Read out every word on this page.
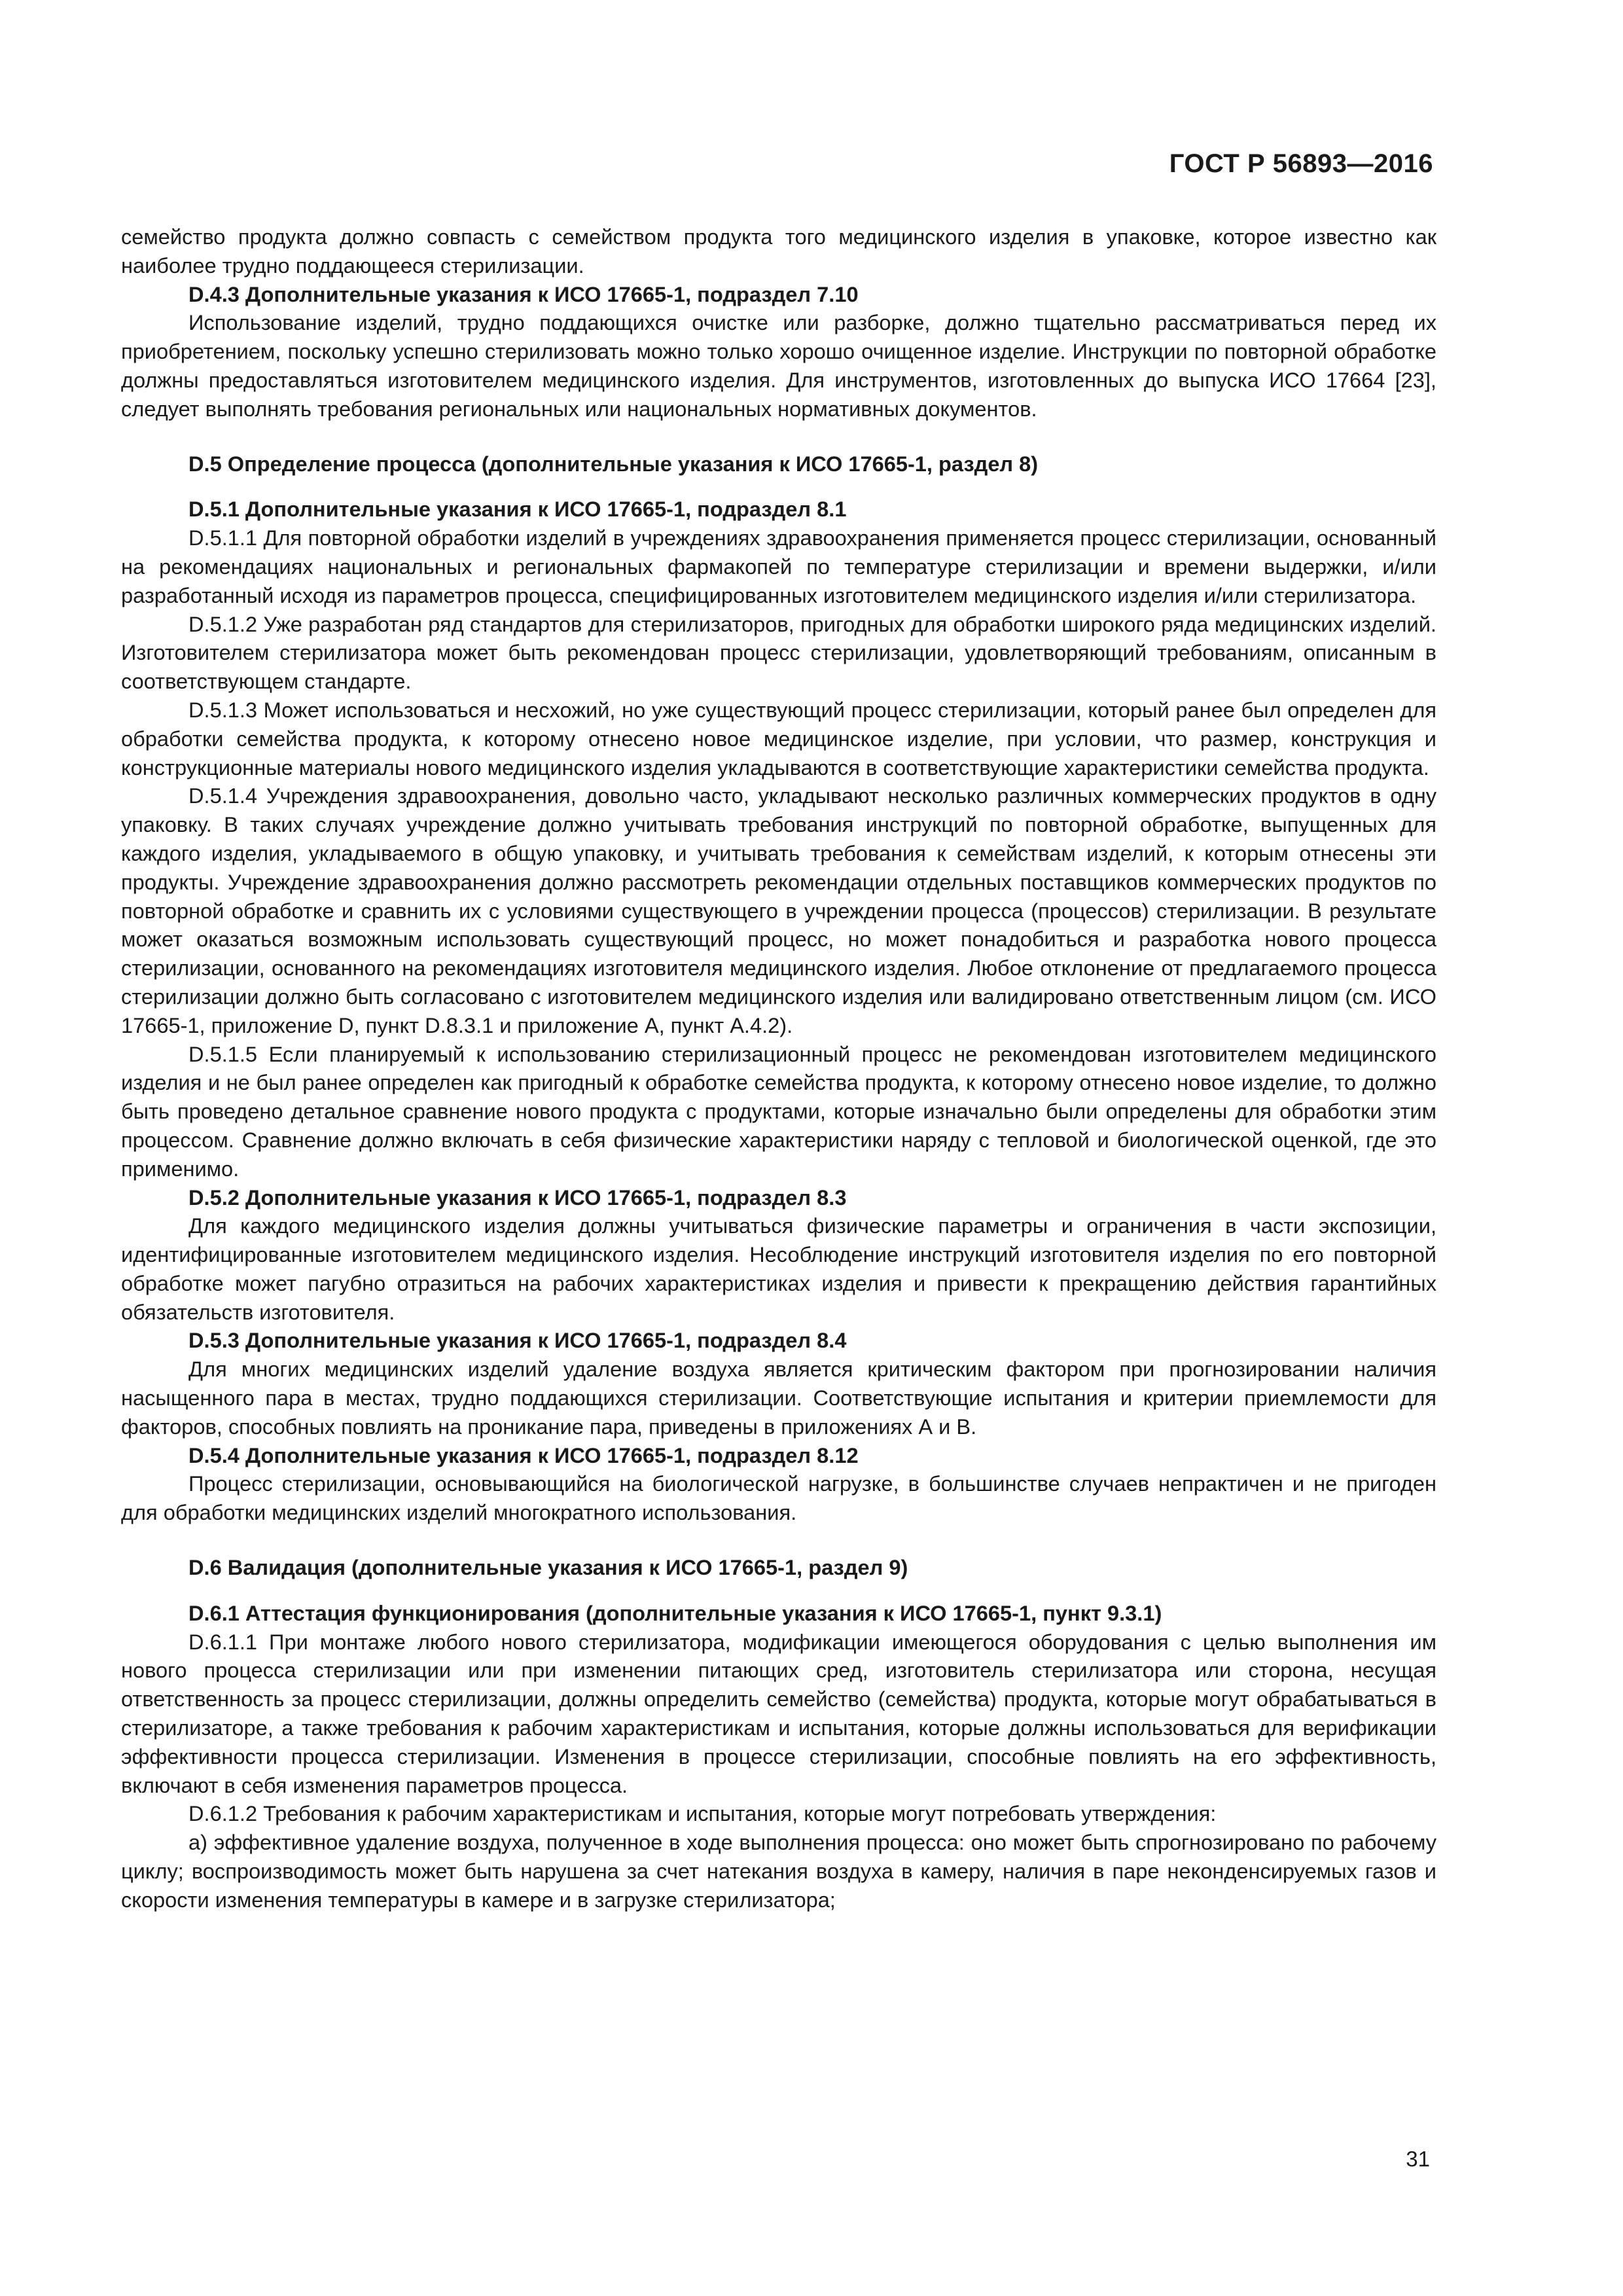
ГОСТ Р 56893—2016

семейство продукта должно совпасть с семейством продукта того медицинского изделия в упаковке, которое известно как наиболее трудно поддающееся стерилизации.

D.4.3 Дополнительные указания к ИСО 17665-1, подраздел 7.10

Использование изделий, трудно поддающихся очистке или разборке, должно тщательно рассматриваться перед их приобретением, поскольку успешно стерилизовать можно только хорошо очищенное изделие. Инструкции по повторной обработке должны предоставляться изготовителем медицинского изделия. Для инструментов, изготовленных до выпуска ИСО 17664 [23], следует выполнять требования региональных или национальных нормативных документов.

D.5 Определение процесса (дополнительные указания к ИСО 17665-1, раздел 8)
D.5.1 Дополнительные указания к ИСО 17665-1, подраздел 8.1

D.5.1.1 Для повторной обработки изделий в учреждениях здравоохранения применяется процесс стерилизации, основанный на рекомендациях национальных и региональных фармакопей по температуре стерилизации и времени выдержки, и/или разработанный исходя из параметров процесса, специфицированных изготовителем медицинского изделия и/или стерилизатора.

D.5.1.2 Уже разработан ряд стандартов для стерилизаторов, пригодных для обработки широкого ряда медицинских изделий. Изготовителем стерилизатора может быть рекомендован процесс стерилизации, удовлетворяющий требованиям, описанным в соответствующем стандарте.

D.5.1.3 Может использоваться и несхожий, но уже существующий процесс стерилизации, который ранее был определен для обработки семейства продукта, к которому отнесено новое медицинское изделие, при условии, что размер, конструкция и конструкционные материалы нового медицинского изделия укладываются в соответствующие характеристики семейства продукта.

D.5.1.4 Учреждения здравоохранения, довольно часто, укладывают несколько различных коммерческих продуктов в одну упаковку. В таких случаях учреждение должно учитывать требования инструкций по повторной обработке, выпущенных для каждого изделия, укладываемого в общую упаковку, и учитывать требования к семействам изделий, к которым отнесены эти продукты. Учреждение здравоохранения должно рассмотреть рекомендации отдельных поставщиков коммерческих продуктов по повторной обработке и сравнить их с условиями существующего в учреждении процесса (процессов) стерилизации. В результате может оказаться возможным использовать существующий процесс, но может понадобиться и разработка нового процесса стерилизации, основанного на рекомендациях изготовителя медицинского изделия. Любое отклонение от предлагаемого процесса стерилизации должно быть согласовано с изготовителем медицинского изделия или валидировано ответственным лицом (см. ИСО 17665-1, приложение D, пункт D.8.3.1 и приложение А, пункт А.4.2).

D.5.1.5 Если планируемый к использованию стерилизационный процесс не рекомендован изготовителем медицинского изделия и не был ранее определен как пригодный к обработке семейства продукта, к которому отнесено новое изделие, то должно быть проведено детальное сравнение нового продукта с продуктами, которые изначально были определены для обработки этим процессом. Сравнение должно включать в себя физические характеристики наряду с тепловой и биологической оценкой, где это применимо.

D.5.2 Дополнительные указания к ИСО 17665-1, подраздел 8.3

Для каждого медицинского изделия должны учитываться физические параметры и ограничения в части экспозиции, идентифицированные изготовителем медицинского изделия. Несоблюдение инструкций изготовителя изделия по его повторной обработке может пагубно отразиться на рабочих характеристиках изделия и привести к прекращению действия гарантийных обязательств изготовителя.

D.5.3 Дополнительные указания к ИСО 17665-1, подраздел 8.4

Для многих медицинских изделий удаление воздуха является критическим фактором при прогнозировании наличия насыщенного пара в местах, трудно поддающихся стерилизации. Соответствующие испытания и критерии приемлемости для факторов, способных повлиять на проникание пара, приведены в приложениях А и В.

D.5.4 Дополнительные указания к ИСО 17665-1, подраздел 8.12

Процесс стерилизации, основывающийся на биологической нагрузке, в большинстве случаев непрактичен и не пригоден для обработки медицинских изделий многократного использования.

D.6 Валидация (дополнительные указания к ИСО 17665-1, раздел 9)
D.6.1 Аттестация функционирования (дополнительные указания к ИСО 17665-1, пункт 9.3.1)

D.6.1.1 При монтаже любого нового стерилизатора, модификации имеющегося оборудования с целью выполнения им нового процесса стерилизации или при изменении питающих сред, изготовитель стерилизатора или сторона, несущая ответственность за процесс стерилизации, должны определить семейство (семейства) продукта, которые могут обрабатываться в стерилизаторе, а также требования к рабочим характеристикам и испытания, которые должны использоваться для верификации эффективности процесса стерилизации. Изменения в процессе стерилизации, способные повлиять на его эффективность, включают в себя изменения параметров процесса.

D.6.1.2 Требования к рабочим характеристикам и испытания, которые могут потребовать утверждения:

а) эффективное удаление воздуха, полученное в ходе выполнения процесса: оно может быть спрогнозировано по рабочему циклу; воспроизводимость может быть нарушена за счет натекания воздуха в камеру, наличия в паре неконденсируемых газов и скорости изменения температуры в камере и в загрузке стерилизатора;

31
